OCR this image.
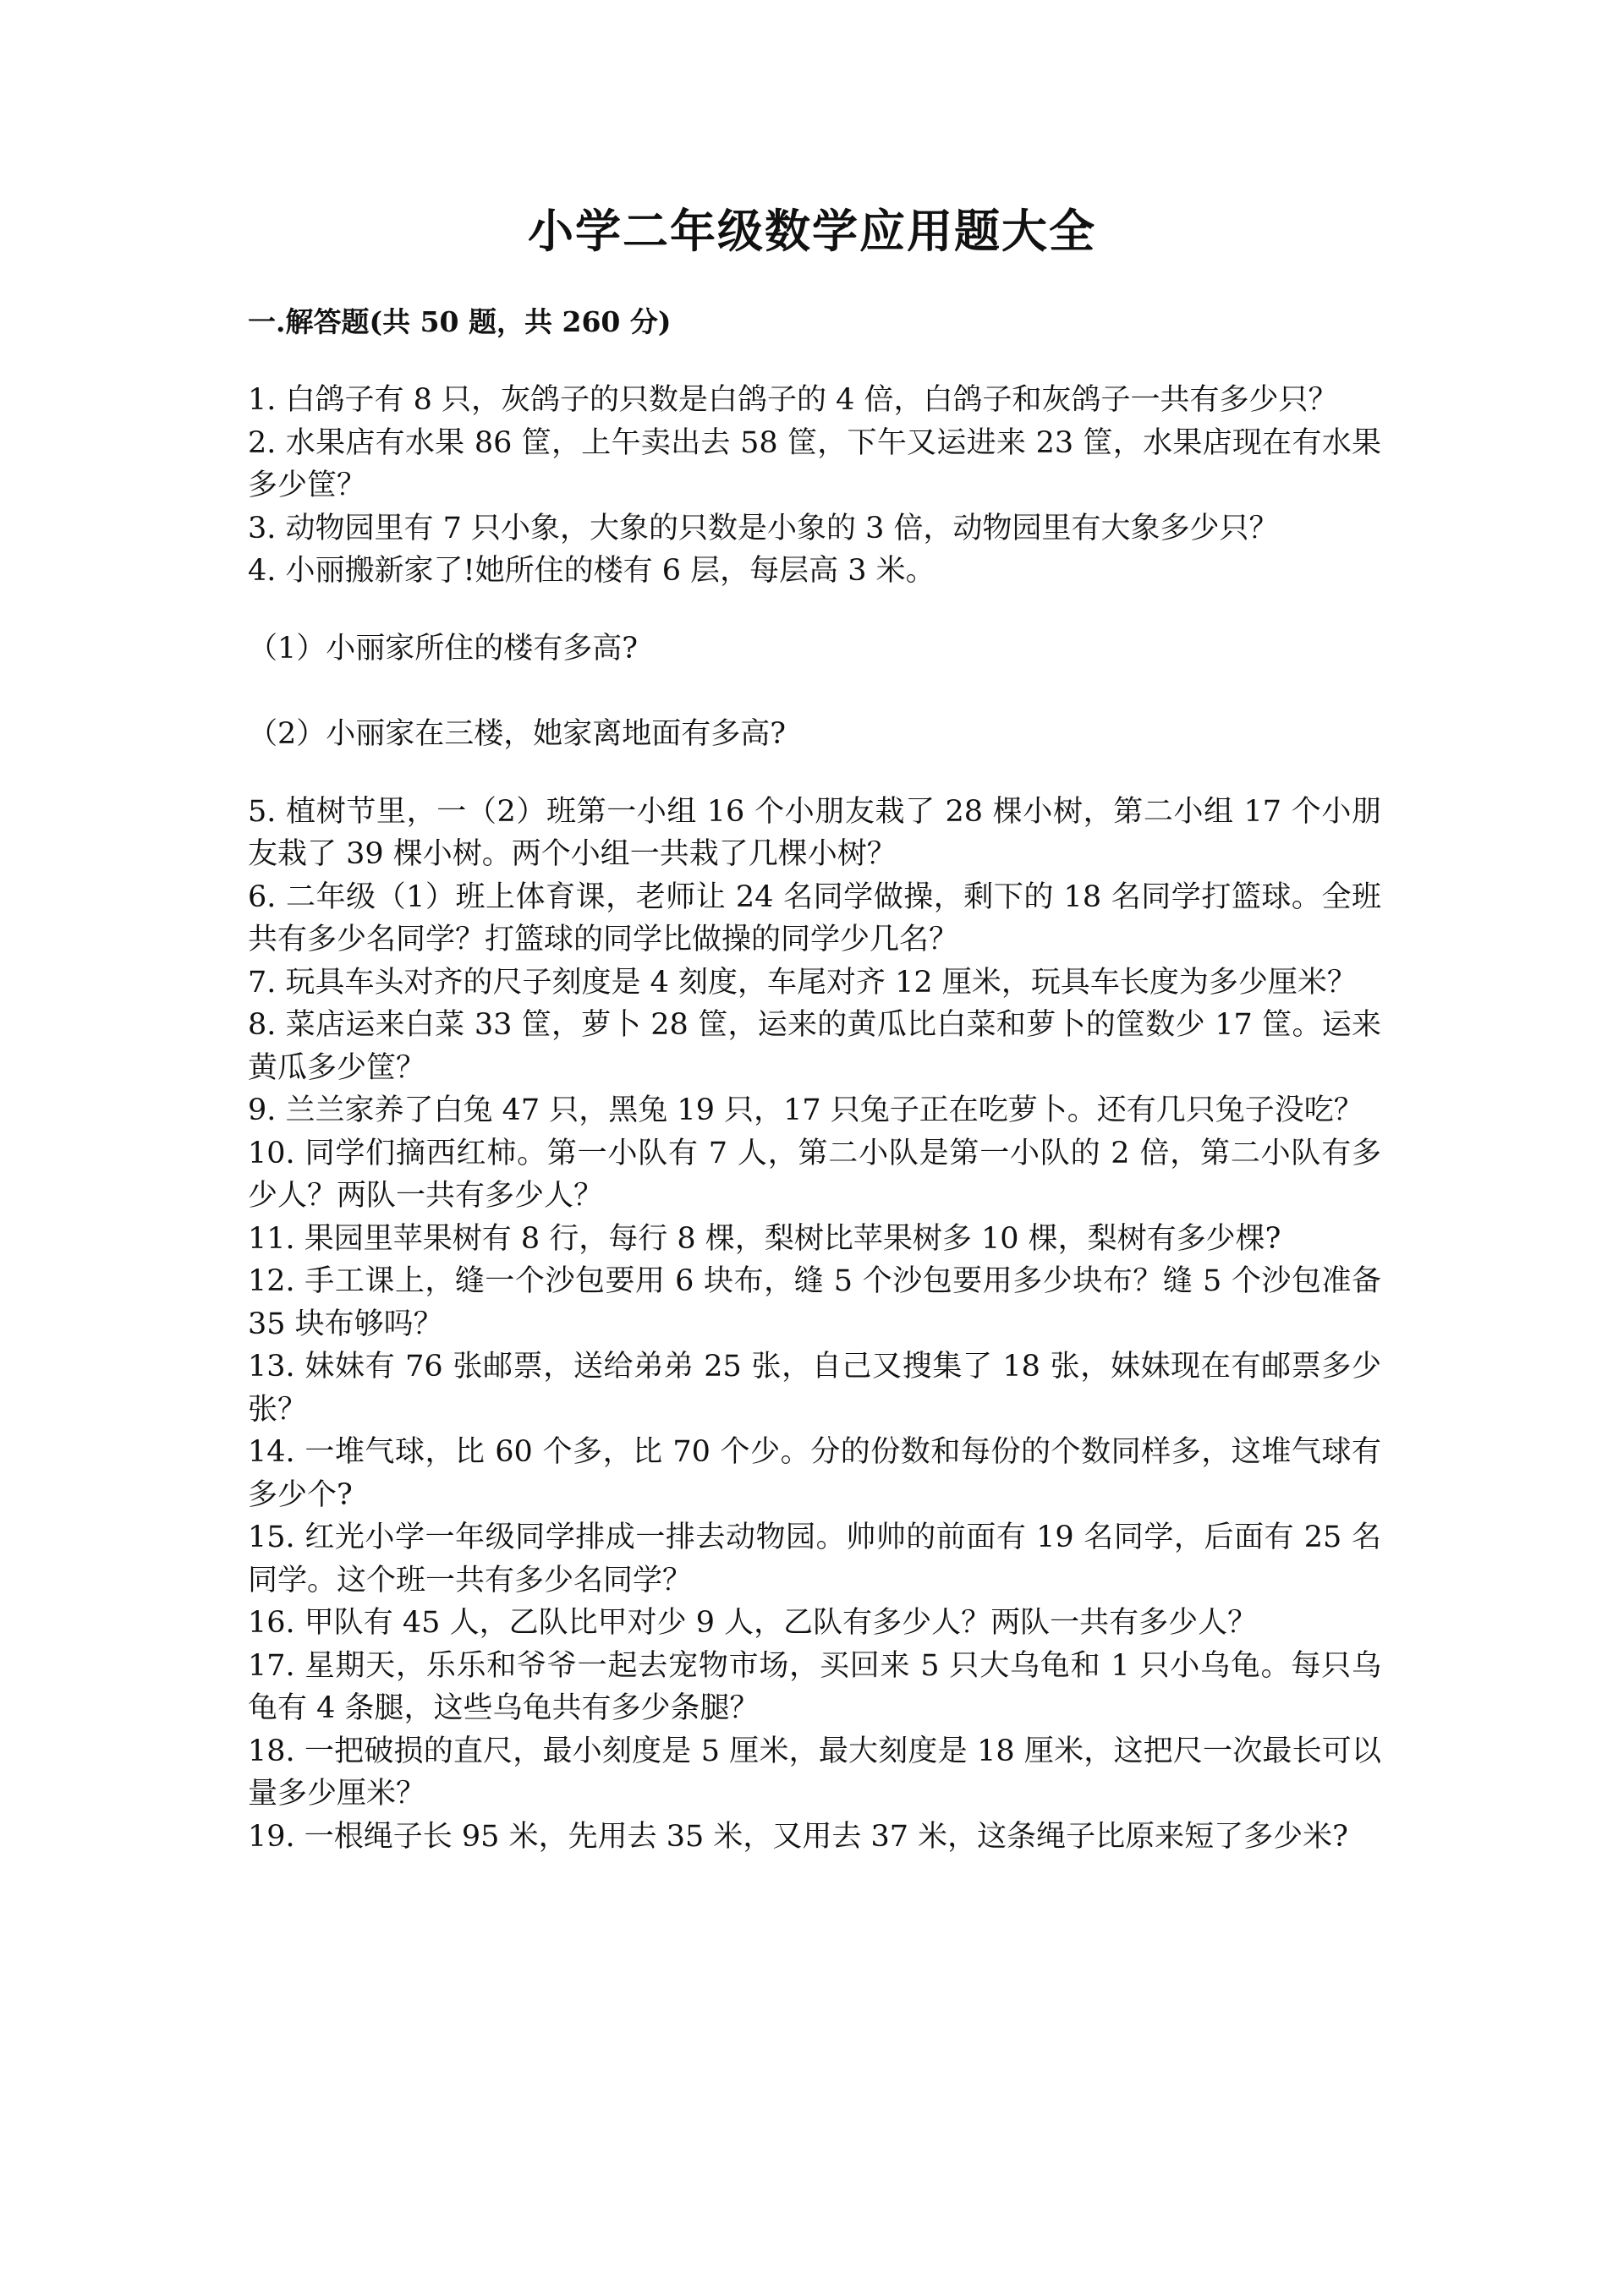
小学二年级数学应用题大全
一.解答题(共 50 题，共 260 分)

1. 白鸽子有 8 只，灰鸽子的只数是白鸽子的 4 倍，白鸽子和灰鸽子一共有多少只？

2. 水果店有水果 86 筐，上午卖出去 58 筐，下午又运进来 23 筐，水果店现在有水果多少筐？

3. 动物园里有 7 只小象，大象的只数是小象的 3 倍，动物园里有大象多少只？

4. 小丽搬新家了!她所住的楼有 6 层，每层高 3 米。

（1）小丽家所住的楼有多高?

（2）小丽家在三楼，她家离地面有多高?

5. 植树节里，一（2）班第一小组 16 个小朋友栽了 28 棵小树，第二小组 17 个小朋友栽了 39 棵小树。两个小组一共栽了几棵小树？

6. 二年级（1）班上体育课，老师让 24 名同学做操，剩下的 18 名同学打篮球。全班共有多少名同学？打篮球的同学比做操的同学少几名？

7. 玩具车头对齐的尺子刻度是 4 刻度，车尾对齐 12 厘米，玩具车长度为多少厘米？

8. 菜店运来白菜 33 筐，萝卜 28 筐，运来的黄瓜比白菜和萝卜的筐数少 17 筐。运来黄瓜多少筐？

9. 兰兰家养了白兔 47 只，黑兔 19 只，17 只兔子正在吃萝卜。还有几只兔子没吃？

10. 同学们摘西红柿。第一小队有 7 人，第二小队是第一小队的 2 倍，第二小队有多少人？两队一共有多少人？

11. 果园里苹果树有 8 行，每行 8 棵，梨树比苹果树多 10 棵，梨树有多少棵?

12. 手工课上，缝一个沙包要用 6 块布，缝 5 个沙包要用多少块布？缝 5 个沙包准备 35 块布够吗？

13. 妹妹有 76 张邮票，送给弟弟 25 张，自己又搜集了 18 张，妹妹现在有邮票多少张？

14. 一堆气球，比 60 个多，比 70 个少。分的份数和每份的个数同样多，这堆气球有多少个?

15. 红光小学一年级同学排成一排去动物园。帅帅的前面有 19 名同学，后面有 25 名同学。这个班一共有多少名同学？

16. 甲队有 45 人，乙队比甲对少 9 人，乙队有多少人？两队一共有多少人？

17. 星期天，乐乐和爷爷一起去宠物市场，买回来 5 只大乌龟和 1 只小乌龟。每只乌龟有 4 条腿，这些乌龟共有多少条腿？

18. 一把破损的直尺，最小刻度是 5 厘米，最大刻度是 18 厘米，这把尺一次最长可以量多少厘米？

19. 一根绳子长 95 米，先用去 35 米，又用去 37 米，这条绳子比原来短了多少米?
